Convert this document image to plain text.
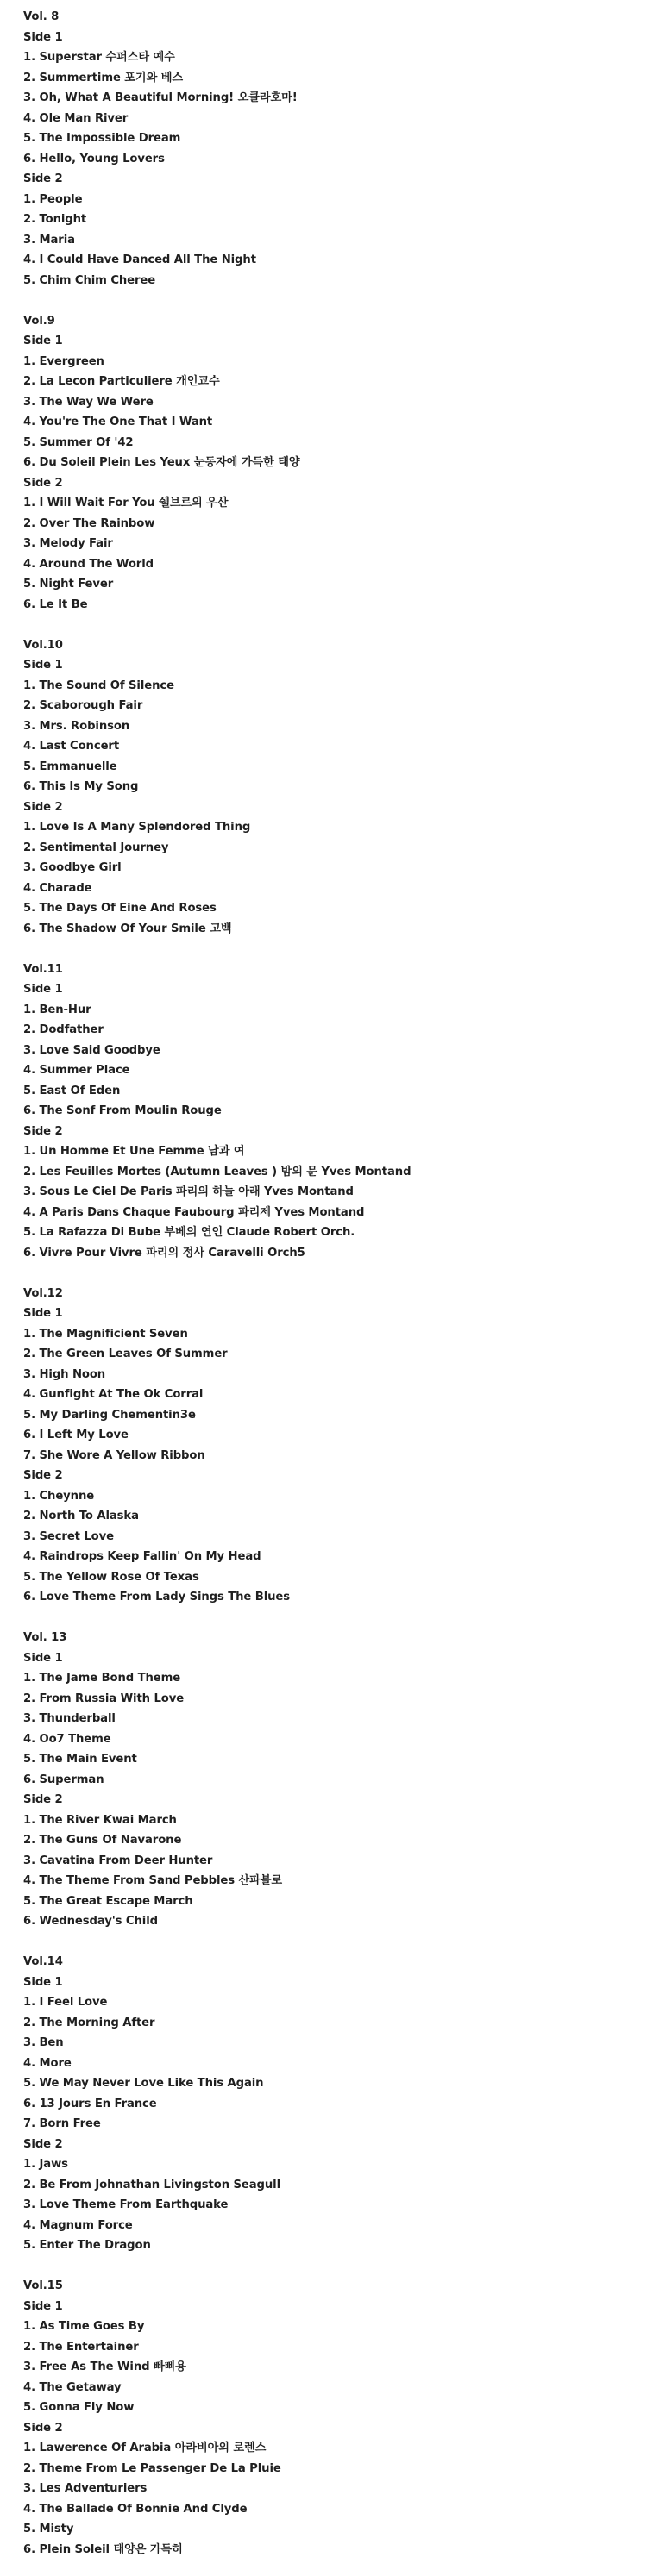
Vol. 8
Side 1
1. Superstar 수퍼스타 예수
2. Summertime 포기와 베스
3. Oh, What A Beautiful Morning! 오클라호마!
4. Ole Man River
5. The Impossible Dream
6. Hello, Young Lovers
Side 2
1. People
2. Tonight
3. Maria
4. I Could Have Danced All The Night
5. Chim Chim Cheree
Vol.9
Side 1
1. Evergreen
2. La Lecon Particuliere 개인교수
3. The Way We Were
4. You're The One That I Want
5. Summer Of '42
6. Du Soleil Plein Les Yeux 눈동자에 가득한 태양
Side 2
1. I Will Wait For You 쉘브르의 우산
2. Over The Rainbow
3. Melody Fair
4. Around The World
5. Night Fever
6. Le It Be
Vol.10
Side 1
1. The Sound Of Silence
2. Scaborough Fair
3. Mrs. Robinson
4. Last Concert
5. Emmanuelle
6. This Is My Song
Side 2
1. Love Is A Many Splendored Thing
2. Sentimental Journey
3. Goodbye Girl
4. Charade
5. The Days Of Eine And Roses
6. The Shadow Of Your Smile 고백
Vol.11
Side 1
1. Ben-Hur
2. Dodfather
3. Love Said Goodbye
4. Summer Place
5. East Of Eden
6. The Sonf From Moulin Rouge
Side 2
1. Un Homme Et Une Femme 남과 여
2. Les Feuilles Mortes (Autumn Leaves ) 밤의 문 Yves Montand
3. Sous Le Ciel De Paris 파리의 하늘 아래 Yves Montand
4. A Paris Dans Chaque Faubourg 파리제 Yves Montand
5. La Rafazza Di Bube 부베의 연인 Claude Robert Orch.
6. Vivre Pour Vivre 파리의 정사 Caravelli Orch5
Vol.12
Side 1
1. The Magnificient Seven
2. The Green Leaves Of Summer
3. High Noon
4. Gunfight At The Ok Corral
5. My Darling Chementin3e
6. I Left My Love
7. She Wore A Yellow Ribbon
Side 2
1. Cheynne
2. North To Alaska
3. Secret Love
4. Raindrops Keep Fallin' On My Head
5. The Yellow Rose Of Texas
6. Love Theme From Lady Sings The Blues
Vol. 13
Side 1
1. The Jame Bond Theme
2. From Russia With Love
3. Thunderball
4. Oo7 Theme
5. The Main Event
6. Superman
Side 2
1. The River Kwai March
2. The Guns Of Navarone
3. Cavatina From Deer Hunter
4. The Theme From Sand Pebbles 산파블로
5. The Great Escape March
6. Wednesday's Child
Vol.14
Side 1
1. I Feel Love
2. The Morning After
3. Ben
4. More
5. We May Never Love Like This Again
6. 13 Jours En France
7. Born Free
Side 2
1. Jaws
2. Be From Johnathan Livingston Seagull
3. Love Theme From Earthquake
4. Magnum Force
5. Enter The Dragon
Vol.15
Side 1
1. As Time Goes By
2. The Entertainer
3. Free As The Wind 빠삐용
4. The Getaway
5. Gonna Fly Now
Side 2
1. Lawerence Of Arabia 아라비아의 로렌스
2. Theme From Le Passenger De La Pluie
3. Les Adventuriers
4. The Ballade Of Bonnie And Clyde
5. Misty
6. Plein Soleil 태양은 가득히
